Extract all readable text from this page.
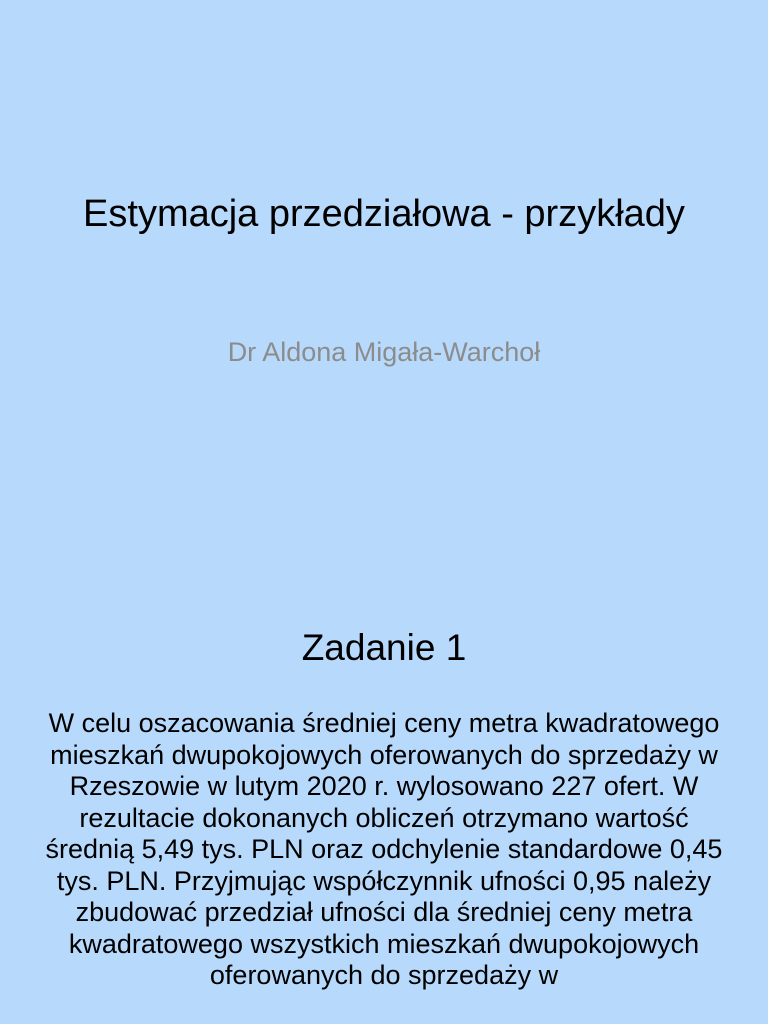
Estymacja przedziałowa - przykłady

Dr Aldona Migała-Warchoł

Zadanie 1

W celu oszacowania średniej ceny metra kwadratowego mieszkań dwupokojowych oferowanych do sprzedaży w Rzeszowie w lutym 2020 r. wylosowano 227 ofert. W rezultacie dokonanych obliczeń otrzymano wartość średnią 5,49 tys. PLN oraz odchylenie standardowe 0,45 tys. PLN. Przyjmując współczynnik ufności 0,95 należy zbudować przedział ufności dla średniej ceny metra kwadratowego wszystkich mieszkań dwupokojowych oferowanych do sprzedaży w
